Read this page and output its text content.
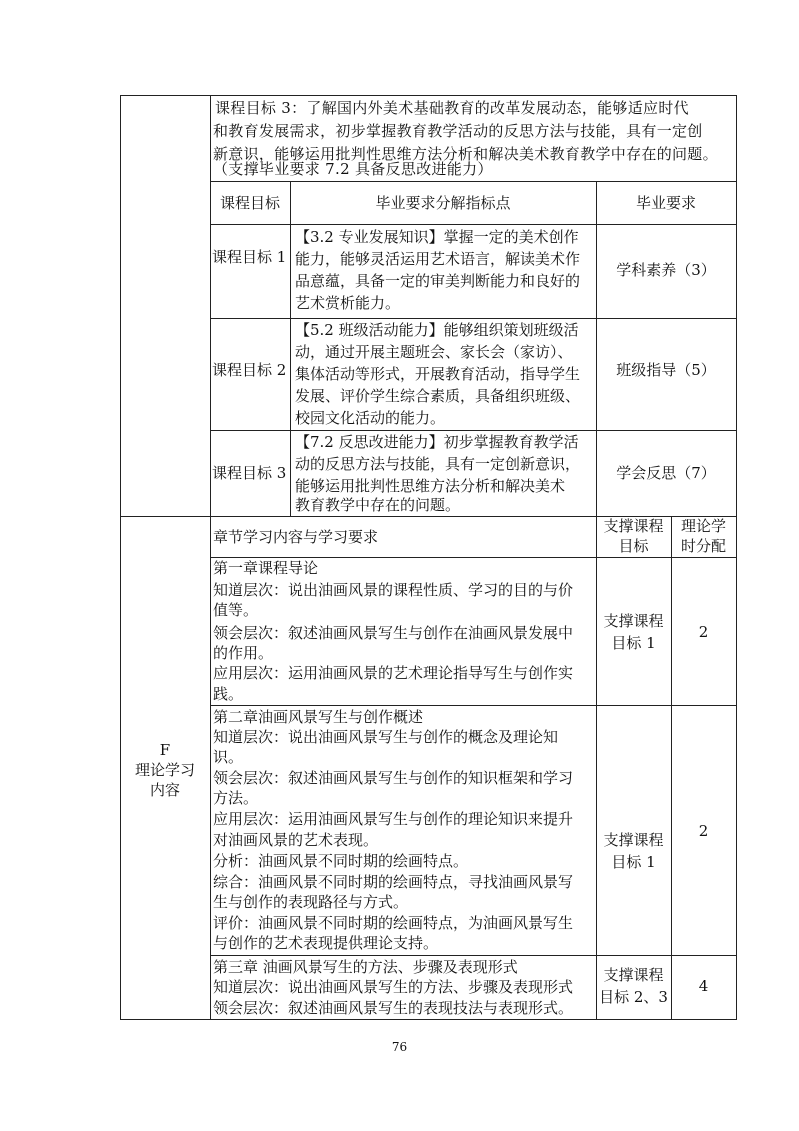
课程目标 3：了解国内外美术基础教育的改革发展动态，能够适应时代
和教育发展需求，初步掌握教育教学活动的反思方法与技能，具有一定创
新意识，能够运用批判性思维方法分析和解决美术教育教学中存在的问题。
（支撑毕业要求 7.2 具备反思改进能力）
课程目标	毕业要求分解指标点	毕业要求
课程目标 1
【3.2 专业发展知识】掌握一定的美术创作
能力，能够灵活运用艺术语言，解读美术作
品意蕴，具备一定的审美判断能力和良好的
艺术赏析能力。
学科素养（3）
课程目标 2
【5.2 班级活动能力】能够组织策划班级活
动，通过开展主题班会、家长会（家访）、
集体活动等形式，开展教育活动，指导学生
发展、评价学生综合素质，具备组织班级、
校园文化活动的能力。
班级指导（5）
课程目标 3
【7.2 反思改进能力】初步掌握教育教学活
动的反思方法与技能，具有一定创新意识，
能够运用批判性思维方法分析和解决美术
教育教学中存在的问题。
学会反思（7）
F
理论学习
内容
章节学习内容与学习要求
支撑课程
目标
理论学
时分配
第一章课程导论
知道层次：说出油画风景的课程性质、学习的目的与价
值等。
领会层次：叙述油画风景写生与创作在油画风景发展中
的作用。
应用层次：运用油画风景的艺术理论指导写生与创作实
践。
支撑课程
目标 1
2
第二章油画风景写生与创作概述
知道层次：说出油画风景写生与创作的概念及理论知
识。
领会层次：叙述油画风景写生与创作的知识框架和学习
方法。
应用层次：运用油画风景写生与创作的理论知识来提升
对油画风景的艺术表现。
分析：油画风景不同时期的绘画特点。
综合：油画风景不同时期的绘画特点，寻找油画风景写
生与创作的表现路径与方式。
评价：油画风景不同时期的绘画特点，为油画风景写生
与创作的艺术表现提供理论支持。
支撑课程
目标 1
2
第三章 油画风景写生的方法、步骤及表现形式
知道层次：说出油画风景写生的方法、步骤及表现形式
领会层次：叙述油画风景写生的表现技法与表现形式。
支撑课程
目标 2、3
4
76
